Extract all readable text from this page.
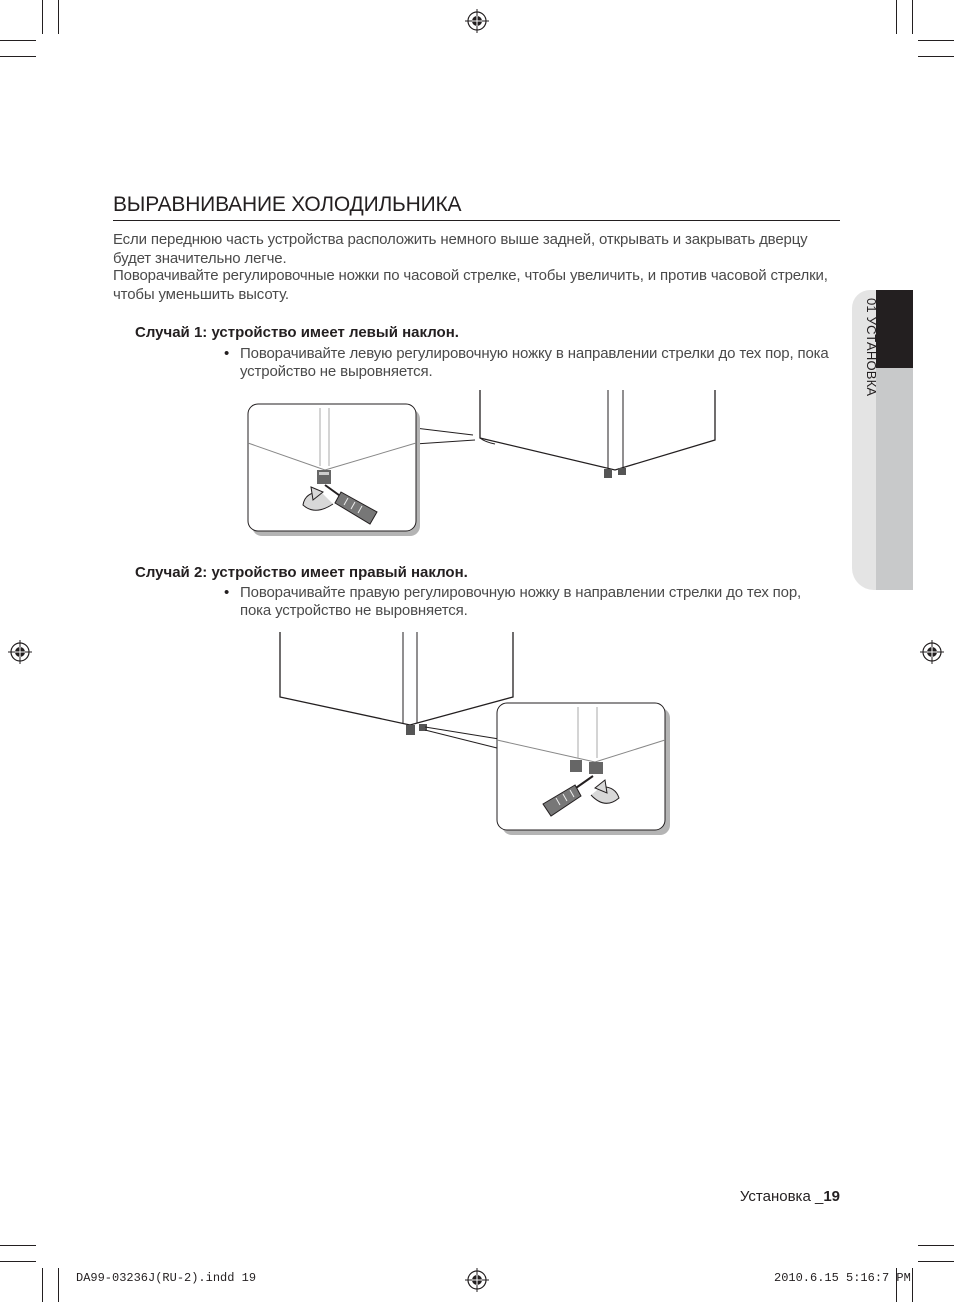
ВЫРАВНИВАНИЕ ХОЛОДИЛЬНИКА
Если переднюю часть устройства расположить немного выше задней, открывать и закрывать дверцу будет значительно легче.
Поворачивайте регулировочные ножки по часовой стрелке, чтобы увеличить, и против часовой стрелки, чтобы уменьшить высоту.
Случай 1: устройство имеет левый наклон.
• Поворачивайте левую регулировочную ножку в направлении стрелки до тех пор, пока устройство не выровняется.
Случай 2: устройство имеет правый наклон.
• Поворачивайте правую регулировочную ножку в направлении стрелки до тех пор, пока устройство не выровняется.
01 УСТАНОВКА
Установка _19
DA99-03236J(RU-2).indd 19	2010.6.15 5:16:7 PM
